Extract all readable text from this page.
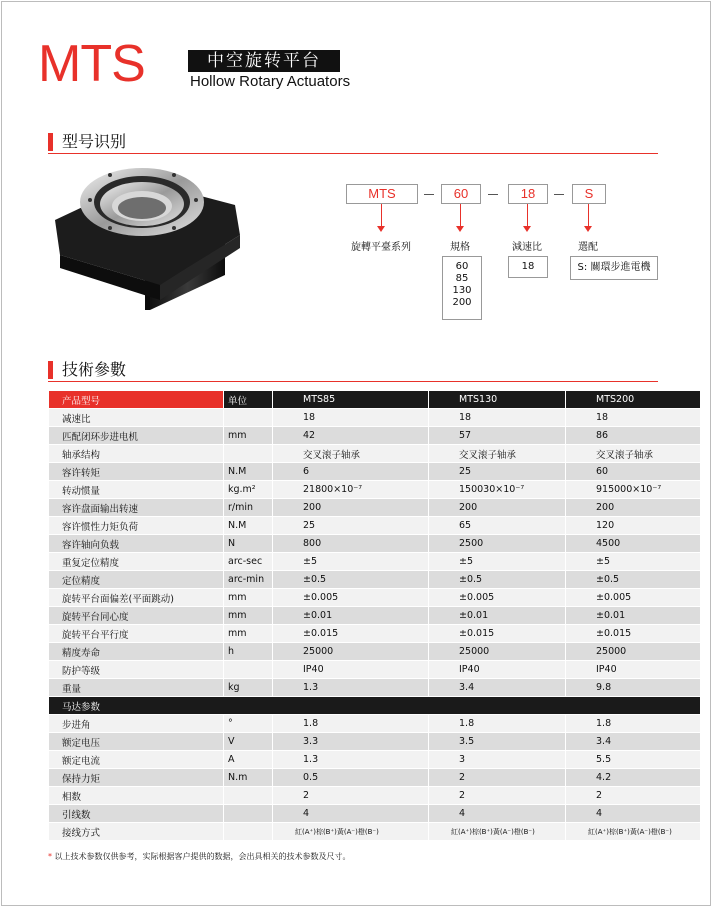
MTS	中空旋转平台
Hollow Rotary Actuators
型号识别
MTS	60	18	S
旋轉平臺系列	規格	減速比	選配
60
85
130
200
18	S: 關環步進電機
技術參數
产品型号	单位	MTS85	MTS130	MTS200
减速比		18	18	18
匹配闭环步进电机	mm	42	57	86
轴承结构		交叉滚子轴承	交叉滚子轴承	交叉滚子轴承
容许转矩	N.M	6	25	60
转动惯量	kg.m²	21800×10⁻⁷	150030×10⁻⁷	915000×10⁻⁷
容许盘面输出转速	r/min	200	200	200
容许惯性力矩负荷	N.M	25	65	120
容许轴向负载	N	800	2500	4500
重复定位精度	arc-sec	±5	±5	±5
定位精度	arc-min	±0.5	±0.5	±0.5
旋转平台面偏差(平面跳动)	mm	±0.005	±0.005	±0.005
旋转平台同心度	mm	±0.01	±0.01	±0.01
旋转平台平行度	mm	±0.015	±0.015	±0.015
精度寿命	h	25000	25000	25000
防护等级		IP40	IP40	IP40
重量	kg	1.3	3.4	9.8
马达参数				
步进角	°	1.8	1.8	1.8
额定电压	V	3.3	3.5	3.4
额定电流	A	1.3	3	5.5
保持力矩	N.m	0.5	2	4.2
相数		2	2	2
引线数		4	4	4
接线方式		紅(A⁺)棕(B⁺)黃(A⁻)橙(B⁻)	紅(A⁺)棕(B⁺)黃(A⁻)橙(B⁻)	紅(A⁺)棕(B⁺)黃(A⁻)橙(B⁻)
* 以上技术参数仅供参考，实际根据客户提供的数据，会出具相关的技术参数及尺寸。
